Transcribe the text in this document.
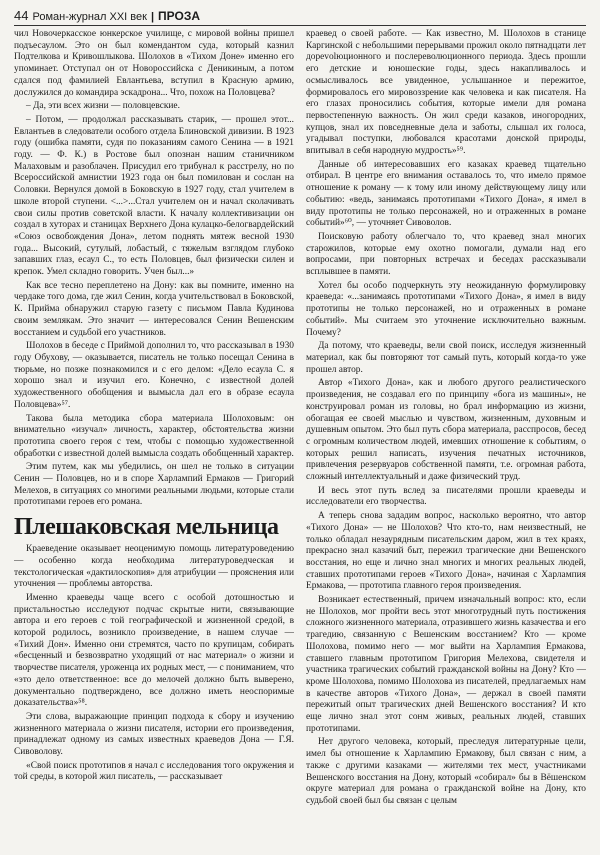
44 Роман-журнал XXI век | ПРОЗА

чил Новочеркасское юнкерское училище, с мировой войны пришел подъесаулом. Это он был комендантом суда, который казнил Подтелкова и Кривошлыкова. Шолохов в «Тихом Доне» именно его упоминает. Отступал он от Новороссийска с Деникиным, а потом сдался под фамилией Евлантьева, вступил в Красную армию, дослужился до командира эскадрона... Что, похож на Половцева?

– Да, эти всех жизни — половцевские.

– Потом, — продолжал рассказывать старик, — прошел этот... Евлантьев в следователи особого отдела Блиновской дивизии. В 1923 году (ошибка памяти, судя по показаниям самого Сенина — в 1921 году. — Ф. К.) в Ростове был опознан нашим станичником Малаховым и разоблачен. Присудил его трибунал к расстрелу, но по Всероссийской амнистии 1923 года он был помилован и сослан на Соловки. Вернулся домой в Боковскую в 1927 году, стал учителем в школе второй ступени. <...>...Стал учителем он и начал сколачивать свои силы против советской власти. К началу коллективизации он создал в хуторах и станицах Верхнего Дона кулацко-белогвардейский «Союз освобождения Дона», летом поднять мятеж весной 1930 года... Высокий, сутулый, лобастый, с тяжелым взглядом глубоко запавших глаз, есаул С., то есть Половцев, был физически силен и крепок. Умел складно говорить. Учен был...»

Как все тесно переплетено на Дону: как вы помните, именно на чердаке того дома, где жил Сенин, когда учительствовал в Боковской, К. Прийма обнаружил старую газету с письмом Павла Кудинова своим землякам. Это значит — интересовался Сенин Вешенским восстанием и судьбой его участников.

Шолохов в беседе с Приймой дополнил то, что рассказывал в 1930 году Обухову, — оказывается, писатель не только посещал Сенина в тюрьме, но позже познакомился и с его делом: «Дело есаула С. я хорошо знал и изучил его. Конечно, с известной долей художественного обобщения и вымысла дал его в образе есаула Половцева»⁵⁷.

Такова была методика сбора материала Шолоховым: он внимательно «изучал» личность, характер, обстоятельства жизни прототипа своего героя с тем, чтобы с помощью художественной обработки с известной долей вымысла создать обобщенный характер.

Этим путем, как мы убедились, он шел не только в ситуации Сенин — Половцев, но и в споре Харлампий Ермаков — Григорий Мелехов, в ситуациях со многими реальными людьми, которые стали прототипами героев его романа.

Плешаковская мельница

Краеведение оказывает неоценимую помощь литературоведению — особенно когда необходима литературоведческая и текстологическая «дактилоскопия» для атрибуции — прояснения или уточнения — проблемы авторства.

Именно краеведы чаще всего с особой дотошностью и пристальностью исследуют подчас скрытые нити, связывающие автора и его героев с той географической и жизненной средой, в которой родилось, возникло произведение, в нашем случае — «Тихий Дон». Именно они стремятся, часто по крупицам, собирать «бесценный и безвозвратно уходящий от нас материал» о жизни и творчестве писателя, уроженца их родных мест, — с пониманием, что «это дело ответственное: все до мелочей должно быть выверено, документально подтверждено, все должно иметь неоспоримые доказательства»⁵⁸.

Эти слова, выражающие принцип подхода к сбору и изучению жизненного материала о жизни писателя, истории его произведения, принадлежат одному из самых известных краеведов Дона — Г.Я. Сивоволову.

«Свой поиск прототипов я начал с исследования того окружения и той среды, в которой жил писатель, — рассказывает

краевед о своей работе. — Как известно, М. Шолохов в станице Каргинской с небольшими перерывами прожил около пятнадцати лет дорevolюционного и послереволюционного периода. Здесь прошли его детские и юношеские годы, здесь накапливалось и осмысливалось все увиденное, услышанное и пережитое, формировалось его мировоззрение как человека и как писателя. На его глазах проносились события, которые имели для романа первостепенную важность. Он жил среди казаков, иногородних, купцов, знал их повседневные дела и заботы, слышал их голоса, угадывал поступки, любовался красотами донской природы, впитывал в себя народную мудрость»⁵⁹.

Данные об интересовавших его казаках краевед тщательно отбирал. В центре его внимания оставалось то, что имело прямое отношение к роману — к тому или иному действующему лицу или событию: «ведь, занимаясь прототипами «Тихого Дона», я имел в виду прототипы не только персонажей, но и отраженных в романе событий»⁶⁰, — уточняет Сивоволов.

Поисковую работу облегчало то, что краевед знал многих старожилов, которые ему охотно помогали, думали над его вопросами, при повторных встречах и беседах рассказывали всплывшее в памяти.

Хотел бы особо подчеркнуть эту неожиданную формулировку краеведа: «...занимаясь прототипами «Тихого Дона», я имел в виду прототипы не только персонажей, но и отраженных в романе событий». Мы считаем это уточнение исключительно важным. Почему?

Да потому, что краеведы, вели свой поиск, исследуя жизненный материал, как бы повторяют тот самый путь, который когда-то уже прошел автор.

Автор «Тихого Дона», как и любого другого реалистического произведения, не создавал его по принципу «бога из машины», не конструировал роман из головы, но брал информацию из жизни, обогащая ее своей мыслью и чувством, жизненным, духовным и душевным опытом. Это был путь сбора материала, расспросов, бесед с огромным количеством людей, имевших отношение к событиям, о которых решил написать, изучения печатных источников, привлечения резервуаров собственной памяти, т.е. огромная работа, сложный интеллектуальный и даже физический труд.

И весь этот путь вслед за писателями прошли краеведы и исследователи его творчества.

А теперь снова зададим вопрос, насколько вероятно, что автор «Тихого Дона» — не Шолохов? Что кто-то, нам неизвестный, не только обладал незаурядным писательским даром, жил в тех краях, прекрасно знал казачий быт, пережил трагические дни Вешенского восстания, но еще и лично знал многих и многих реальных людей, ставших прототипами героев «Тихого Дона», начиная с Харлампия Ермакова, — прототипа главного героя произведения.

Возникает естественный, причем изначальный вопрос: кто, если не Шолохов, мог пройти весь этот многотрудный путь постижения сложного жизненного материала, отразившего жизнь казачества и его трагедию, связанную с Вешенским восстанием? Кто — кроме Шолохова, помимо него — мог выйти на Харлампия Ермакова, ставшего главным прототипом Григория Мелехова, свидетеля и участника трагических событий гражданской войны на Дону? Кто — кроме Шолохова, помимо Шолохова из писателей, предлагаемых нам в качестве авторов «Тихого Дона», — держал в своей памяти пережитый опыт трагических дней Вешенского восстания? И кто еще лично знал этот сонм живых, реальных людей, ставших прототипами.

Нет другого человека, который, преследуя литературные цели, имел бы отношение к Харлампию Ермакову, был связан с ним, а также с другими казаками — жителями тех мест, участниками Вешенского восстания на Дону, который «собирал» бы в Вёшенском округе материал для романа о гражданской войне на Дону, кто судьбой своей был бы связан с целым
